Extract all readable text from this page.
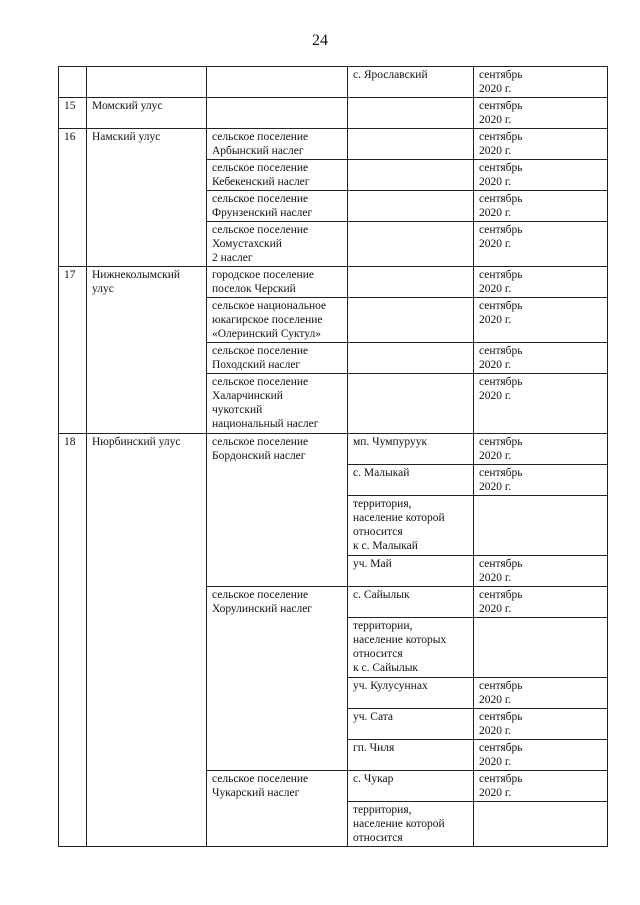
24
			с. Ярославский	сентябрь
2020 г.
15	Момский улус			сентябрь
2020 г.
16	Намский улус	сельское поселение
Арбынский наслег		сентябрь
2020 г.
		сельское поселение
Кебекенский наслег		сентябрь
2020 г.
		сельское поселение
Фрунзенский наслег		сентябрь
2020 г.
		сельское поселение
Хомустахский
2 наслег		сентябрь
2020 г.
17	Нижнеколымский
улус	городское поселение
поселок Черский		сентябрь
2020 г.
		сельское национальное
юкагирское поселение
«Олеринский Суктул»		сентябрь
2020 г.
		сельское поселение
Походский наслег		сентябрь
2020 г.
		сельское поселение
Халарчинский
чукотский
национальный наслег		сентябрь
2020 г.
18	Нюрбинский улус	сельское поселение
Бордонский наслег	мп. Чумпуруук	сентябрь
2020 г.
			с. Малыкай	сентябрь
2020 г.
			территория,
население которой
относится
к с. Малыкай	
			уч. Май	сентябрь
2020 г.
		сельское поселение
Хорулинский наслег	с. Сайылык	сентябрь
2020 г.
			территории,
население которых
относится
к с. Сайылык	
			уч. Кулусуннах	сентябрь
2020 г.
			уч. Сата	сентябрь
2020 г.
			гп. Чиля	сентябрь
2020 г.
		сельское поселение
Чукарский наслег	с. Чукар	сентябрь
2020 г.
			территория,
население которой
относится	
